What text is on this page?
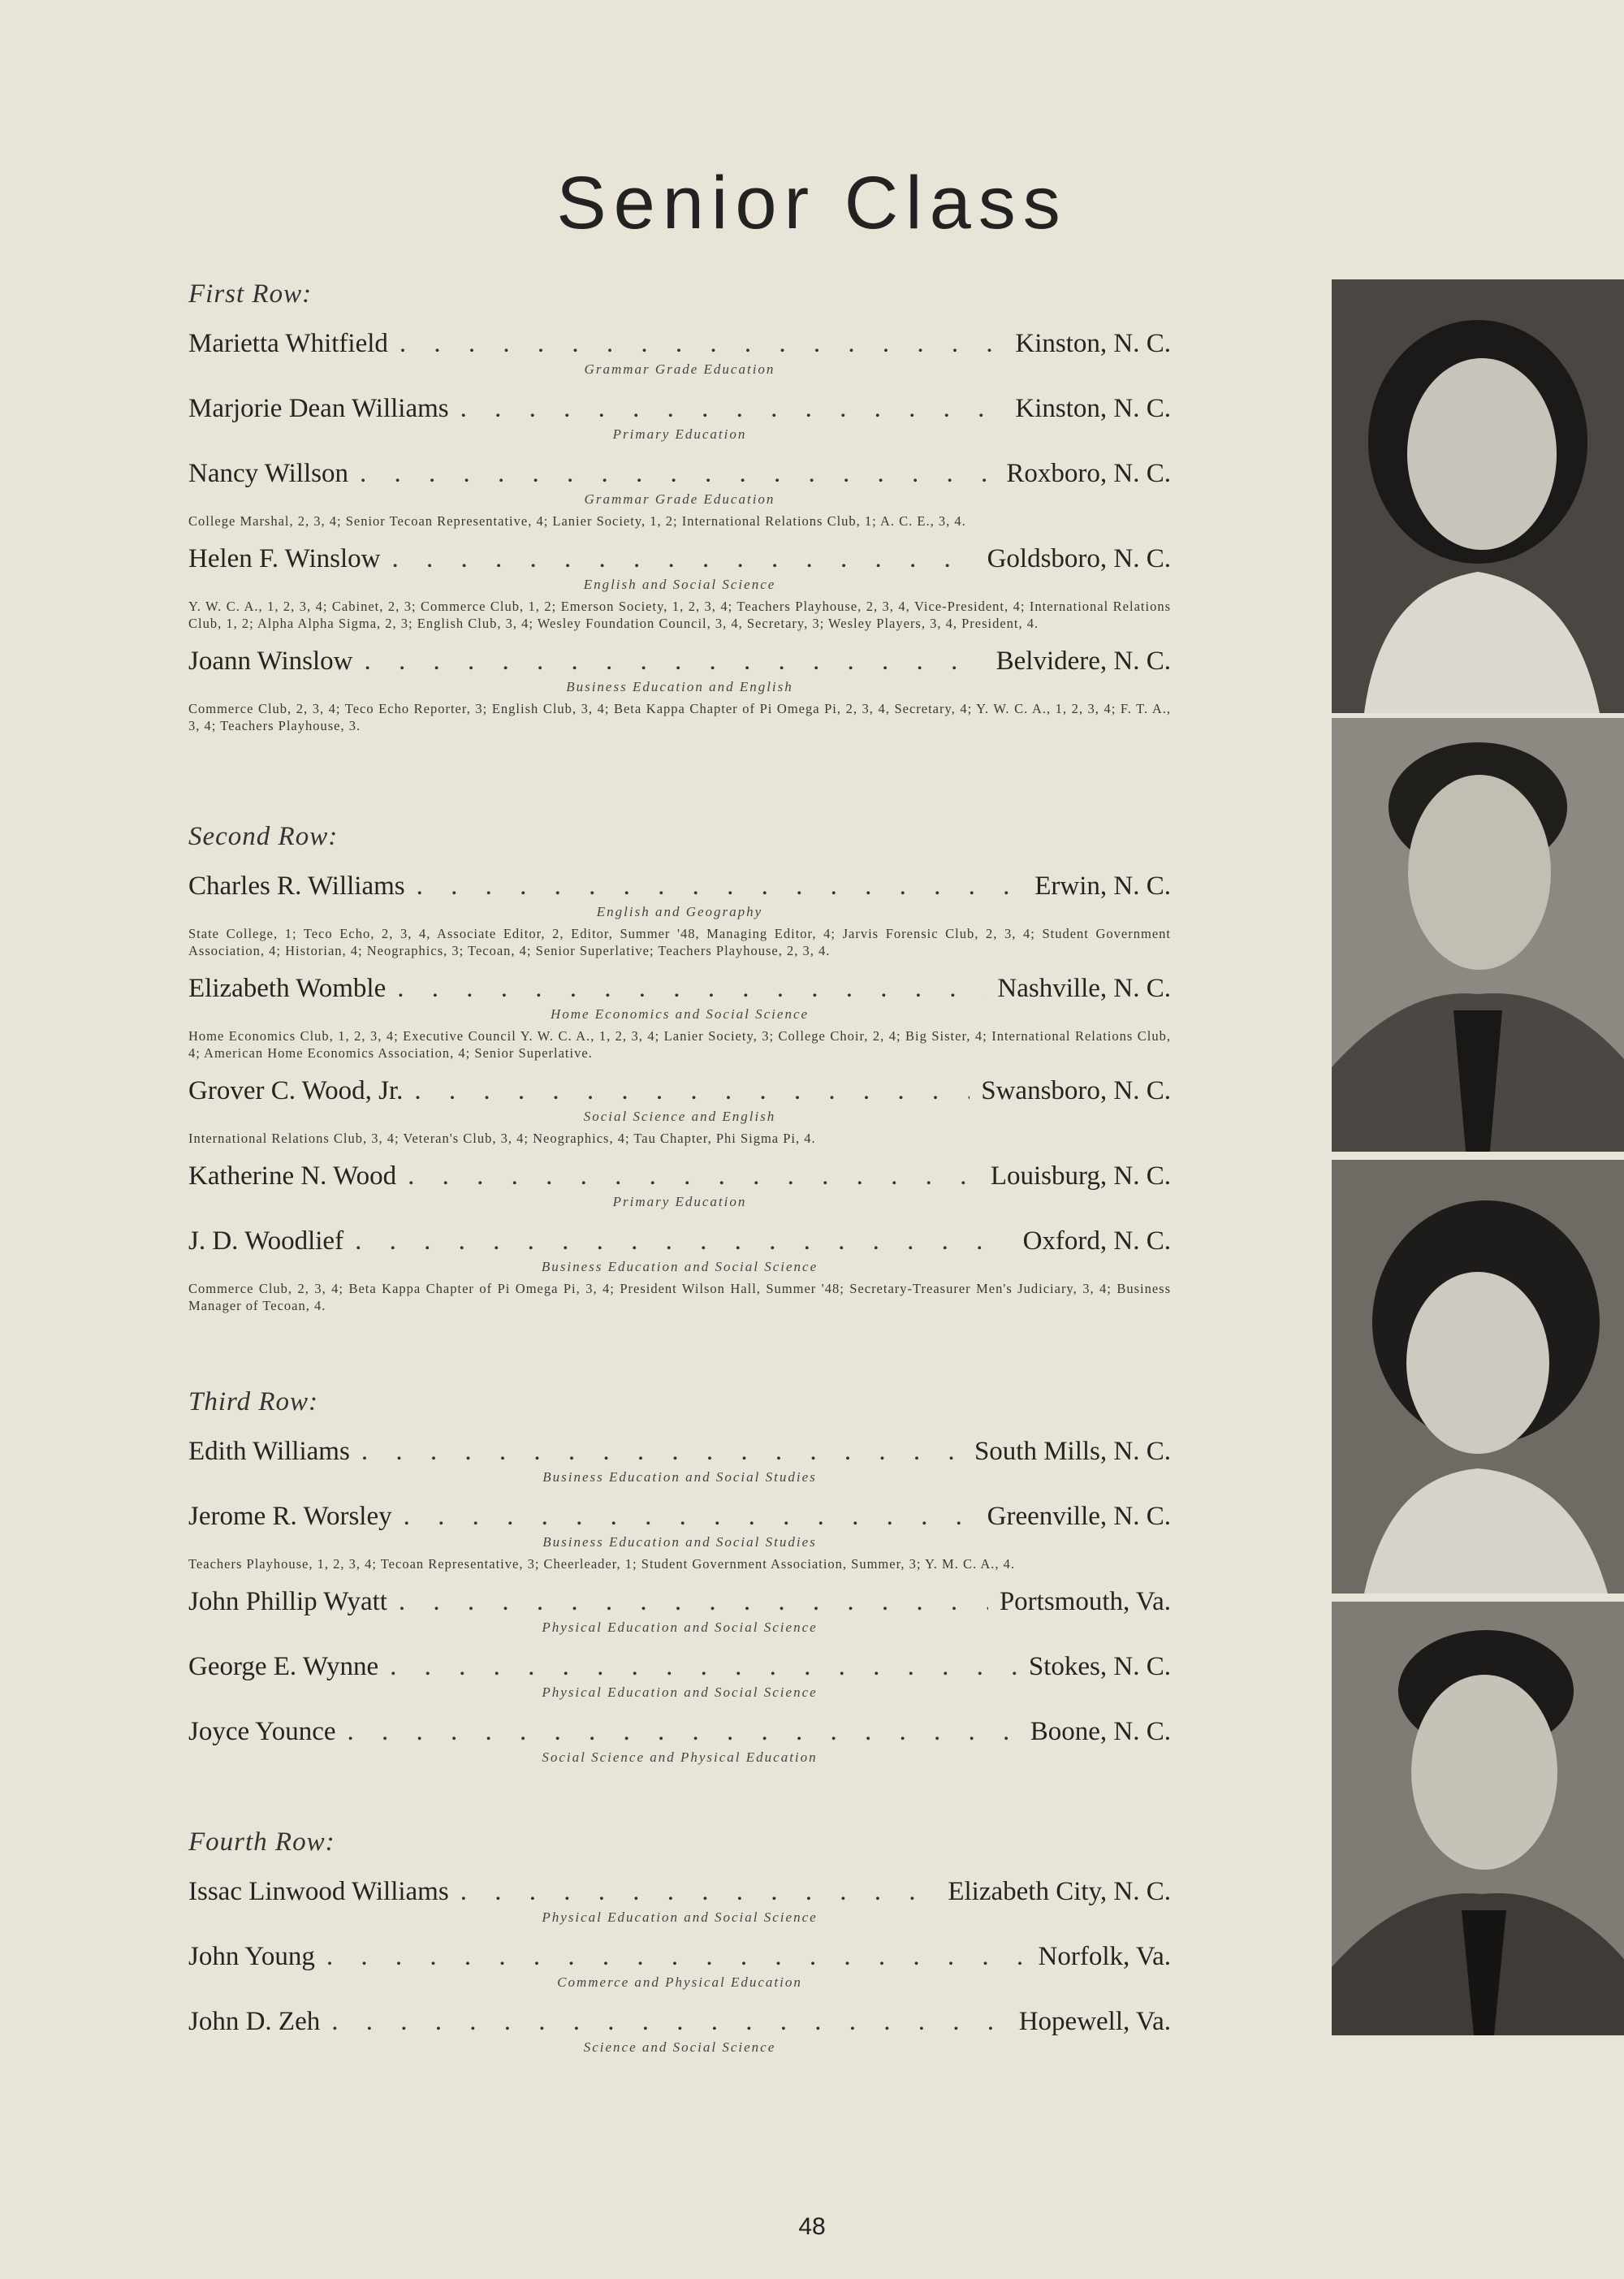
Senior Class
First Row:
Marietta Whitfield . . .	Kinston, N. C.
Grammar Grade Education
Marjorie Dean Williams . . .	Kinston, N. C.
Primary Education
Nancy Willson . . .	Roxboro, N. C.
Grammar Grade Education
College Marshal, 2, 3, 4; Senior Tecoan Representative, 4; Lanier Society, 1, 2; International Relations Club, 1; A. C. E., 3, 4.
Helen F. Winslow . . .	Goldsboro, N. C.
English and Social Science
Y. W. C. A., 1, 2, 3, 4; Cabinet, 2, 3; Commerce Club, 1, 2; Emerson Society, 1, 2, 3, 4; Teachers Playhouse, 2, 3, 4, Vice-President, 4; International Relations Club, 1, 2; Alpha Alpha Sigma, 2, 3; English Club, 3, 4; Wesley Foundation Council, 3, 4, Secretary, 3; Wesley Players, 3, 4, President, 4.
Joann Winslow . . .	Belvidere, N. C.
Business Education and English
Commerce Club, 2, 3, 4; Teco Echo Reporter, 3; English Club, 3, 4; Beta Kappa Chapter of Pi Omega Pi, 2, 3, 4, Secretary, 4; Y. W. C. A., 1, 2, 3, 4; F. T. A., 3, 4; Teachers Playhouse, 3.
Second Row:
Charles R. Williams . . .	Erwin, N. C.
English and Geography
State College, 1; Teco Echo, 2, 3, 4, Associate Editor, 2, Editor, Summer '48, Managing Editor, 4; Jarvis Forensic Club, 2, 3, 4; Student Government Association, 4; Historian, 4; Neographics, 3; Tecoan, 4; Senior Superlative; Teachers Playhouse, 2, 3, 4.
Elizabeth Womble . . .	Nashville, N. C.
Home Economics and Social Science
Home Economics Club, 1, 2, 3, 4; Executive Council Y. W. C. A., 1, 2, 3, 4; Lanier Society, 3; College Choir, 2, 4; Big Sister, 4; International Relations Club, 4; American Home Economics Association, 4; Senior Superlative.
Grover C. Wood, Jr. . . .	Swansboro, N. C.
Social Science and English
International Relations Club, 3, 4; Veteran's Club, 3, 4; Neographics, 4; Tau Chapter, Phi Sigma Pi, 4.
Katherine N. Wood . . .	Louisburg, N. C.
Primary Education
J. D. Woodlief . . .	Oxford, N. C.
Business Education and Social Science
Commerce Club, 2, 3, 4; Beta Kappa Chapter of Pi Omega Pi, 3, 4; President Wilson Hall, Summer '48; Secretary-Treasurer Men's Judiciary, 3, 4; Business Manager of Tecoan, 4.
Third Row:
Edith Williams . . .	South Mills, N. C.
Business Education and Social Studies
Jerome R. Worsley . . .	Greenville, N. C.
Business Education and Social Studies
Teachers Playhouse, 1, 2, 3, 4; Tecoan Representative, 3; Cheerleader, 1; Student Government Association, Summer, 3; Y. M. C. A., 4.
John Phillip Wyatt . . .	Portsmouth, Va.
Physical Education and Social Science
George E. Wynne . . .	Stokes, N. C.
Physical Education and Social Science
Joyce Younce . . .	Boone, N. C.
Social Science and Physical Education
Fourth Row:
Issac Linwood Williams . . .	Elizabeth City, N. C.
Physical Education and Social Science
John Young . . .	Norfolk, Va.
Commerce and Physical Education
John D. Zeh . . .	Hopewell, Va.
Science and Social Science
48
